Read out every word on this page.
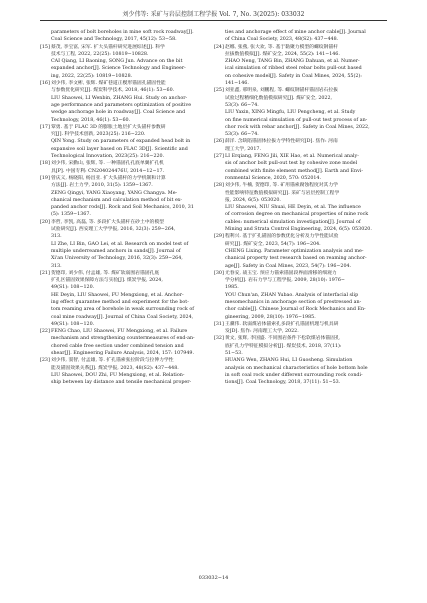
刘少伟等: 采矿与岩层控制工程学报 Vol. 7, No. 3(2025): 033032
parameters of bolt boreholes in mine soft rock roadway[J].
Coal Science and Technology, 2017, 45(12): 53−58.
[15] 蔡茂, 李宝富, 宋军. 扩大头锚杆研究进展综述[J]. 科学
技术与工程, 2022, 22(25): 10819−10828.
CAI Qiang, LI Baoning, SONG Jun. Advance on the bit
expanded anchor[J]. Science Technology and Engineer-
ing, 2022, 22(25): 10819−10828.
[16] 刘少伟, 李文彬, 张辉. 煤矿巷道正楔形锚固孔锚固性能
与参数优化研究[J]. 煤炭科学技术, 2018, 46(1): 53−60.
LIU Shaowei, LI Wenbin, ZHANG Hui. Study on anchor-
age performance and parameters optimization of positive
wedge anchorage hole in roadway[J]. Coal Science and
Technology, 2018, 46(1): 53−60.
[17] 覃勇. 基于 FLAC 3D 的膨胀土地层扩大头锚杆参数研
究[J]. 科学技术创新, 2023(25): 216−220.
QIN Yong. Study on parameters of expanded head bolt in
expansive soil layer based on FLAC 3D[J]. Scientific and
Technological Innovation, 2023(25): 216−220.
[18] 刘少伟, 宋勤山, 张辉, 等. 一种锚固孔孔底单翼扩孔机
具[P]. 中国专利: CN204024476U, 2014−12−17.
[19] 曾庆义, 杨晓阳, 杨昌亚. 扩大头锚杆的力学机制和计算
方法[J]. 岩土力学, 2010, 31(5): 1359−1367.
ZENG Qingyi, YANG Xiaoyang, YANG Changya. Me-
chanical mechanism and calculation method of bit ex-
panded anchor rods[J]. Rock and Soil Mechanics, 2010, 31
(5): 1359−1367.
[20] 李哲, 李凯, 高磊, 等. 多段扩大头锚杆在砂土中的模型
试验研究[J]. 西安理工大学学报, 2016, 32(3): 259−264,
313.
LI Zhe, LI Bin, GAO Lei, et al. Research on model test of
multiple underreamed anchors in sands[J]. Journal of
Xi'an University of Technology, 2016, 32(3): 259−264,
313.
[21] 贺德印, 刘少伟, 付孟雄, 等. 煤矿软弱围岩锚固孔底
扩孔区锚固效果保障方法与实验[J]. 煤炭学报, 2024,
49(S1): 108−120.
HE Deyin, LIU Shaowei, FU Mengxiong, et al. Anchor-
ing effect guarantee method and experiment for the bot-
tom reaming area of borehole in weak surrounding rock of
coal mine roadway[J]. Journal of China Coal Society, 2024,
49(S1): 108−120.
[22] FENG Chao, LIU Shaowei, FU Mengxiong, et al. Failure
mechanism and strengthening countermeasures of end-an-
chored cable free section under combined tension and
shear[J]. Engineering Failure Analysis, 2024, 157: 107949.
[23] 刘少伟, 窦智, 付孟雄, 等. 扩孔锚索张拉阶段与拉伸力学性
能及锚固效果关系[J]. 煤炭学报, 2023, 48(S2): 437−448.
LIU Shaowei, DOU Zhi, FU Mengxiong, et al. Relation-
ship between lay distance and tensile mechanical proper-
ties and anchorage effect of mine anchor cable[J]. Journal
of China Coal Society, 2023, 48(S2): 437−448.
[24] 赵娜, 张燕, 张大欢, 等. 基于黏聚力模型的螺纹钢锚杆
拉拔数值模拟[J]. 煤矿安全, 2024, 55(2): 141−146.
ZHAO Neng, TANG Bin, ZHANG Dahuan, et al. Numer-
ical simulation of ribbed steel rebar bolts pull-out based
on cohesive model[J]. Safety in Coal Mines, 2024, 55(2):
141−146.
[25] 刘亚鑫, 邢明泉, 刘鹏程, 等. 螺纹钢锚杆锚固岩石拉拔
试验过程精细化数值模拟研究[J]. 煤矿安全, 2022,
53(3): 66−74.
LIU Yaxin, XING Mingfu, LIU Pengcheng, et al. Study
on fine numerical simulation of pull-out test process of an-
chor rock with rebar anchor[J]. Safety in Coal Mines, 2022,
53(3): 66−74.
[26] 薛洋. 含缺陷锚固体拉拔力学特性研究[D]. 焦作: 河南
理工大学, 2017.
[27] LI Erqiang, FENG Jili, XIE Hao, et al. Numerical analy-
sis of anchor bolt pull-out test by cohesive zone model
combined with finite element method[J]. Earth and Envi-
ronmental Science, 2020, 570: 052014.
[28] 刘少伟, 牛楠, 贺德印, 等. 矿用锚索腐蚀程度对其力学
性能影响特征数值模拟研究[J]. 采矿与岩层控制工程学
报, 2024, 6(5): 053020.
LIU Shaowei, NIU Shuai, HE Deyin, et al. The influence
of corrosion degree on mechanical properties of mine rock
cables: numerical simulation investigation[J]. Journal of
Mining and Strata Control Engineering, 2024, 6(5): 053020.
[29] 程利兴. 基于扩孔锚固的参数优化分析及力学性能试验
研究[J]. 煤矿安全, 2023, 54(7): 196−204.
CHENG Lixing. Parameter optimization analysis and me-
chanical property test research based on reaming anchor-
age[J]. Safety in Coal Mines, 2023, 54(7): 196−204.
[30] 尤春安, 战玉宝. 预应力锚索锚固段界面滑移的细观力
学分析[J]. 岩石力学与工程学报, 2009, 28(10): 1976−
1985.
YOU Chun'an, ZHAN Yubao. Analysis of interfacial slip
mesomechanics in anchorage section of prestressed an-
chor cable[J]. Chinese Journal of Rock Mechanics and En-
gineering, 2009, 28(10): 1976−1985.
[31] 王骥伟. 软弱煤岩体锚索孔多段扩孔锚固机理与机具研
发[D]. 焦作: 河南理工大学, 2022.
[32] 黄文, 张辉, 李国盛. 不同围岩条件下松软煤岩体锚固孔
底扩孔力学特征模拟分析[J]. 煤炭技术, 2018, 37(11):
51−53.
HUANG Wen, ZHANG Hui, LI Guosheng. Simulation
analysis on mechanical characteristics of hole bottom hole
in soft coal rock under different surrounding rock condi-
tions[J]. Coal Technology, 2018, 37(11): 51−53.
033032−14
